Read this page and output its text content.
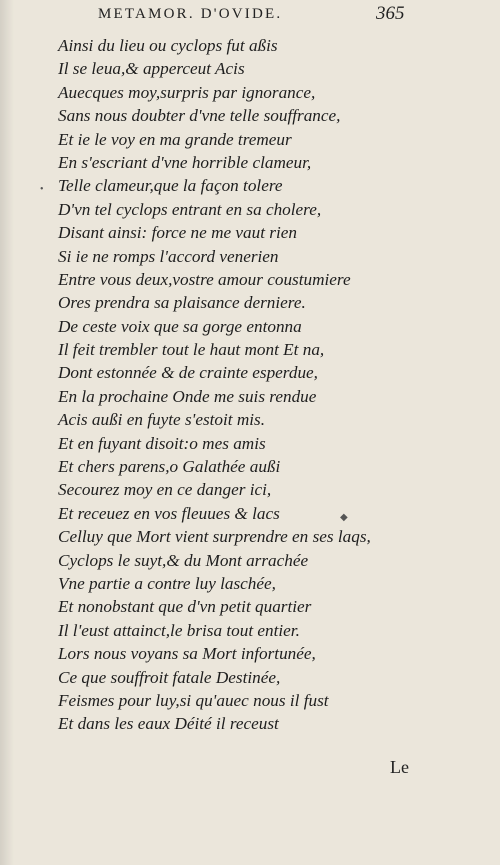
METAMOR. D'OVIDE.	365
Ainsi du lieu ou cyclops fut aßis
Il se leua,& apperceut Acis
Auecques moy,surpris par ignorance,
Sans nous doubter d'vne telle souffrance,
Et ie le voy en ma grande tremeur
En s'escriant d'vne horrible clameur,
Telle clameur,que la façon tolere
D'vn tel cyclops entrant en sa cholere,
Disant ainsi: force ne me vaut rien
Si ie ne romps l'accord venerien
Entre vous deux,vostre amour coustumiere
Ores prendra sa plaisance derniere.
De ceste voix que sa gorge entonna
Il feit trembler tout le haut mont Et na,
Dont estonnée & de crainte esperdue,
En la prochaine Onde me suis rendue
Acis außi en fuyte s'estoit mis.
Et en fuyant disoit:o mes amis
Et chers parens,o Galathée außi
Secourez moy en ce danger ici,
Et receuez en vos fleuues & lacs
Celluy que Mort vient surprendre en ses laqs,
Cyclops le suyt,& du Mont arrachée
Vne partie a contre luy laschée,
Et nonobstant que d'vn petit quartier
Il l'eust attainct,le brisa tout entier.
Lors nous voyans sa Mort infortunée,
Ce que souffroit fatale Destinée,
Feismes pour luy,si qu'auec nous il fust
Et dans les eaux Déité il receust
Le
•
◆
